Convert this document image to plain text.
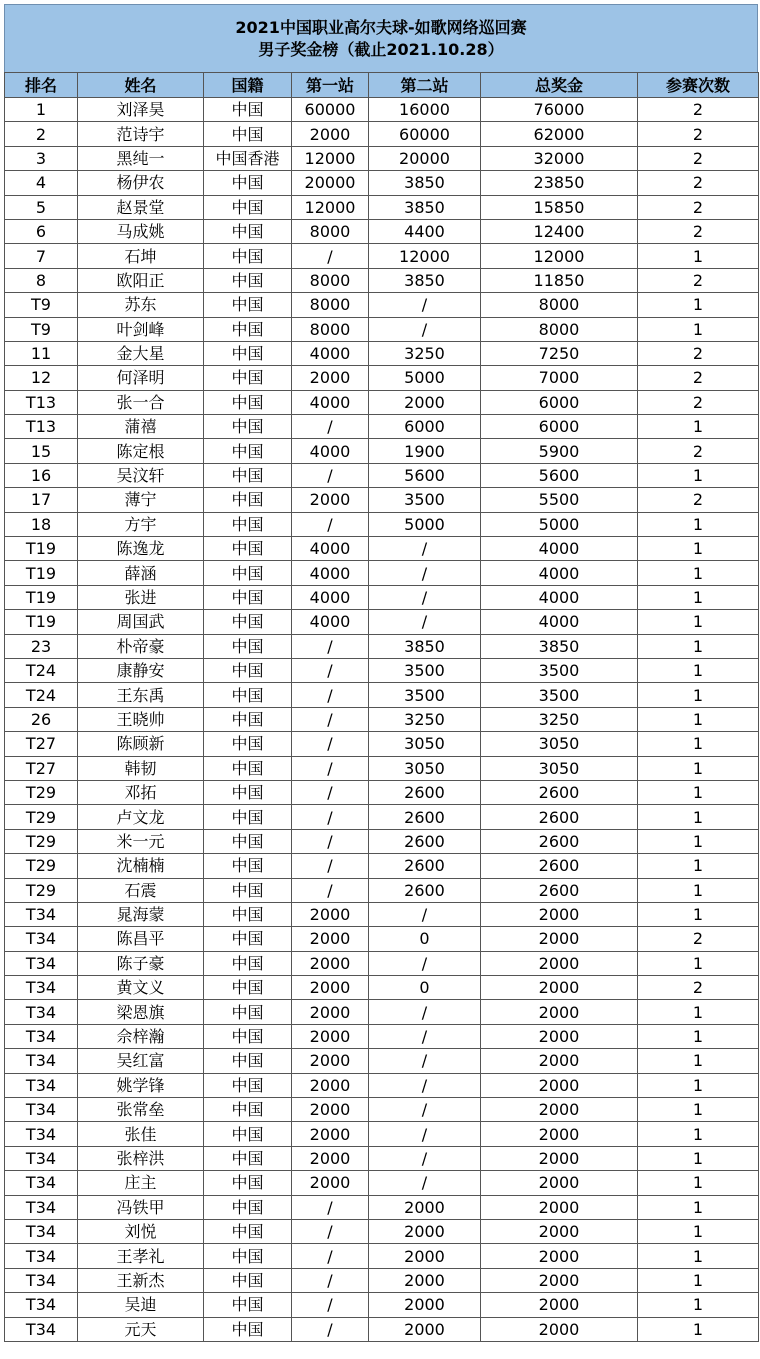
2021中国职业高尔夫球-如歌网络巡回赛
男子奖金榜（截止2021.10.28）
排名	姓名	国籍	第一站	第二站	总奖金	参赛次数
1	刘泽昊	中国	60000	16000	76000	2
2	范诗宇	中国	2000	60000	62000	2
3	黑纯一	中国香港	12000	20000	32000	2
4	杨伊农	中国	20000	3850	23850	2
5	赵景堂	中国	12000	3850	15850	2
6	马成姚	中国	8000	4400	12400	2
7	石坤	中国	/	12000	12000	1
8	欧阳正	中国	8000	3850	11850	2
T9	苏东	中国	8000	/	8000	1
T9	叶剑峰	中国	8000	/	8000	1
11	金大星	中国	4000	3250	7250	2
12	何泽明	中国	2000	5000	7000	2
T13	张一合	中国	4000	2000	6000	2
T13	蒲禧	中国	/	6000	6000	1
15	陈定根	中国	4000	1900	5900	2
16	吴汶轩	中国	/	5600	5600	1
17	薄宁	中国	2000	3500	5500	2
18	方宇	中国	/	5000	5000	1
T19	陈逸龙	中国	4000	/	4000	1
T19	薛涵	中国	4000	/	4000	1
T19	张进	中国	4000	/	4000	1
T19	周国武	中国	4000	/	4000	1
23	朴帝豪	中国	/	3850	3850	1
T24	康静安	中国	/	3500	3500	1
T24	王东禹	中国	/	3500	3500	1
26	王晓帅	中国	/	3250	3250	1
T27	陈顾新	中国	/	3050	3050	1
T27	韩韧	中国	/	3050	3050	1
T29	邓拓	中国	/	2600	2600	1
T29	卢文龙	中国	/	2600	2600	1
T29	米一元	中国	/	2600	2600	1
T29	沈楠楠	中国	/	2600	2600	1
T29	石震	中国	/	2600	2600	1
T34	晁海蒙	中国	2000	/	2000	1
T34	陈昌平	中国	2000	0	2000	2
T34	陈子豪	中国	2000	/	2000	1
T34	黄文义	中国	2000	0	2000	2
T34	梁恩旗	中国	2000	/	2000	1
T34	佘梓瀚	中国	2000	/	2000	1
T34	吴红富	中国	2000	/	2000	1
T34	姚学锋	中国	2000	/	2000	1
T34	张常垒	中国	2000	/	2000	1
T34	张佳	中国	2000	/	2000	1
T34	张梓洪	中国	2000	/	2000	1
T34	庄主	中国	2000	/	2000	1
T34	冯铁甲	中国	/	2000	2000	1
T34	刘悦	中国	/	2000	2000	1
T34	王孝礼	中国	/	2000	2000	1
T34	王新杰	中国	/	2000	2000	1
T34	吴迪	中国	/	2000	2000	1
T34	元天	中国	/	2000	2000	1
